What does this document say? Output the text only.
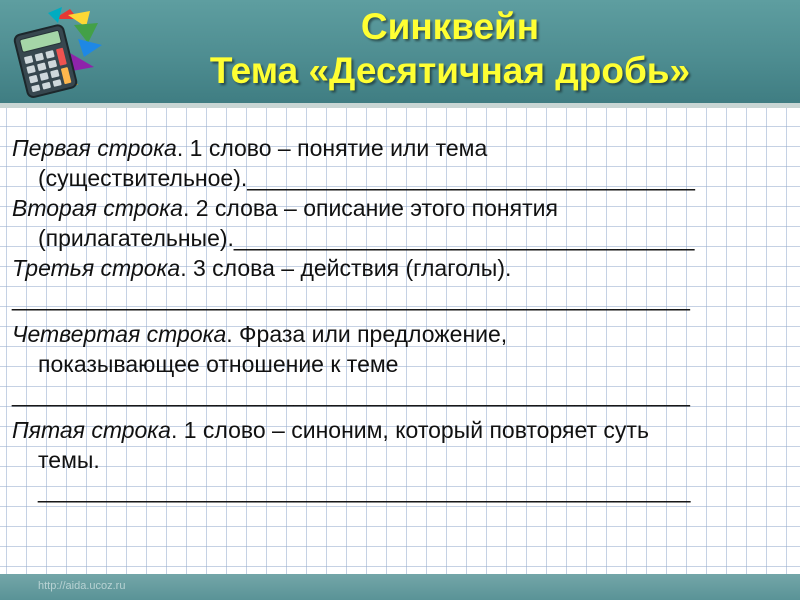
Синквейн
Тема «Десятичная дробь»
Первая строка. 1 слово – понятие или тема
(существительное).___________________________________
Вторая строка. 2 слова – описание этого понятия
(прилагательные).____________________________________
Третья строка. 3 слова – действия (глаголы).
_____________________________________________________
Четвертая строка. Фраза или предложение,
показывающее отношение к теме
_____________________________________________________
Пятая строка. 1 слово – синоним, который повторяет суть
темы.
___________________________________________________
http://aida.ucoz.ru
